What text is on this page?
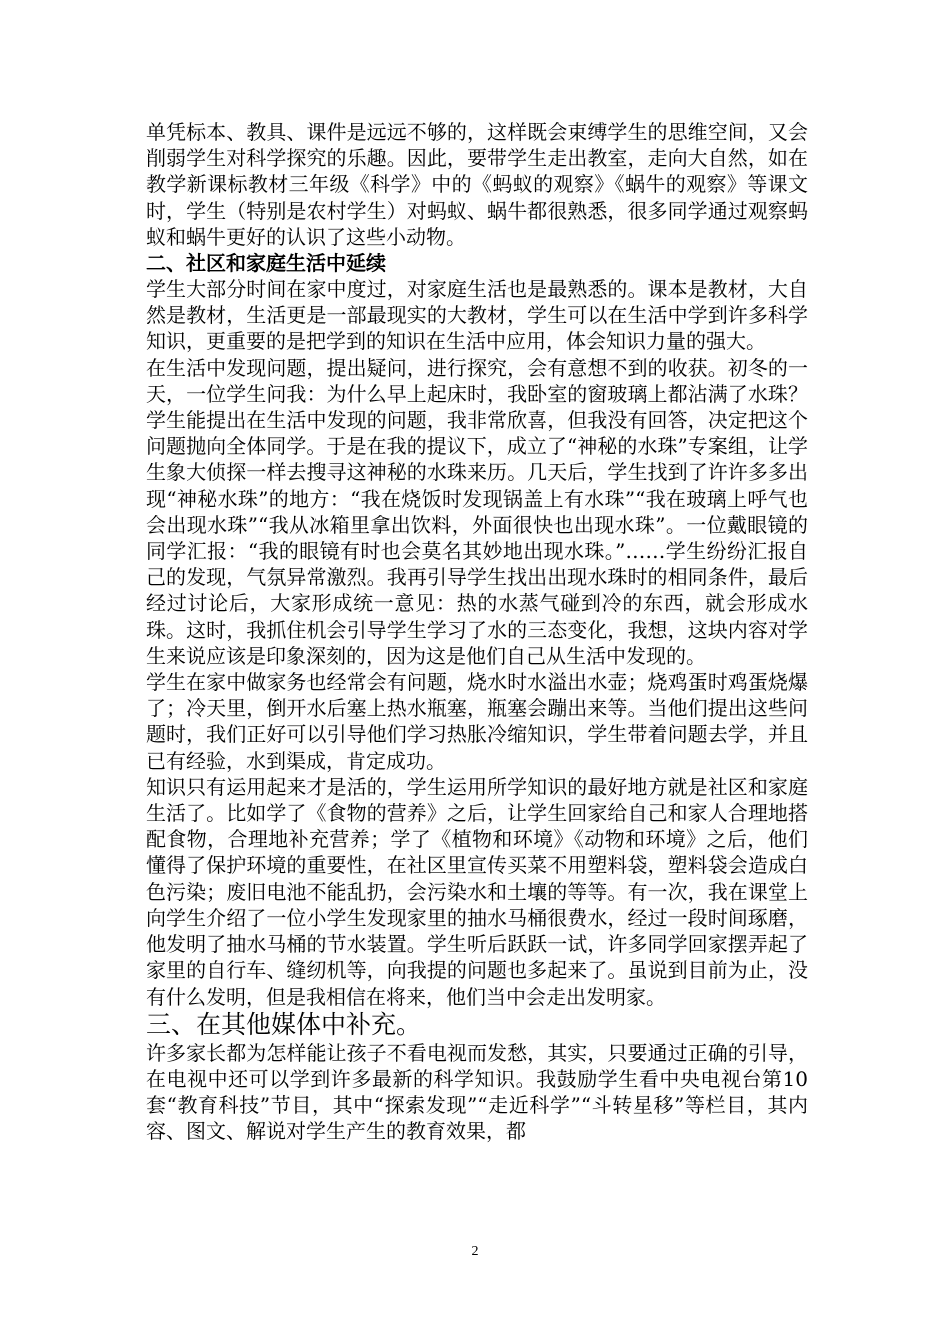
单凭标本、教具、课件是远远不够的，这样既会束缚学生的思维空间，又会削弱学生对科学探究的乐趣。因此，要带学生走出教室，走向大自然，如在教学新课标教材三年级《科学》中的《蚂蚁的观察》《蜗牛的观察》等课文时，学生（特别是农村学生）对蚂蚁、蜗牛都很熟悉，很多同学通过观察蚂蚁和蜗牛更好的认识了这些小动物。

二、社区和家庭生活中延续

学生大部分时间在家中度过，对家庭生活也是最熟悉的。课本是教材，大自然是教材，生活更是一部最现实的大教材，学生可以在生活中学到许多科学知识，更重要的是把学到的知识在生活中应用，体会知识力量的强大。

在生活中发现问题，提出疑问，进行探究，会有意想不到的收获。初冬的一天，一位学生问我：为什么早上起床时，我卧室的窗玻璃上都沾满了水珠？学生能提出在生活中发现的问题，我非常欣喜，但我没有回答，决定把这个问题抛向全体同学。于是在我的提议下，成立了“神秘的水珠”专案组，让学生象大侦探一样去搜寻这神秘的水珠来历。几天后，学生找到了许许多多出现“神秘水珠”的地方：“我在烧饭时发现锅盖上有水珠”“我在玻璃上呼气也会出现水珠”“我从冰箱里拿出饮料，外面很快也出现水珠”。一位戴眼镜的同学汇报：“我的眼镜有时也会莫名其妙地出现水珠。”……学生纷纷汇报自己的发现，气氛异常激烈。我再引导学生找出出现水珠时的相同条件，最后经过讨论后，大家形成统一意见：热的水蒸气碰到冷的东西，就会形成水珠。这时，我抓住机会引导学生学习了水的三态变化，我想，这块内容对学生来说应该是印象深刻的，因为这是他们自己从生活中发现的。

学生在家中做家务也经常会有问题，烧水时水溢出水壶；烧鸡蛋时鸡蛋烧爆了；冷天里，倒开水后塞上热水瓶塞，瓶塞会蹦出来等。当他们提出这些问题时，我们正好可以引导他们学习热胀冷缩知识，学生带着问题去学，并且已有经验，水到渠成，肯定成功。

知识只有运用起来才是活的，学生运用所学知识的最好地方就是社区和家庭生活了。比如学了《食物的营养》之后，让学生回家给自己和家人合理地搭配食物，合理地补充营养；学了《植物和环境》《动物和环境》之后，他们懂得了保护环境的重要性，在社区里宣传买菜不用塑料袋，塑料袋会造成白色污染；废旧电池不能乱扔，会污染水和土壤的等等。有一次，我在课堂上向学生介绍了一位小学生发现家里的抽水马桶很费水，经过一段时间琢磨，他发明了抽水马桶的节水装置。学生听后跃跃一试，许多同学回家摆弄起了家里的自行车、缝纫机等，向我提的问题也多起来了。虽说到目前为止，没有什么发明，但是我相信在将来，他们当中会走出发明家。

三、在其他媒体中补充。

许多家长都为怎样能让孩子不看电视而发愁，其实，只要通过正确的引导，在电视中还可以学到许多最新的科学知识。我鼓励学生看中央电视台第10套“教育科技”节目，其中“探索发现”“走近科学”“斗转星移”等栏目，其内容、图文、解说对学生产生的教育效果，都

2
